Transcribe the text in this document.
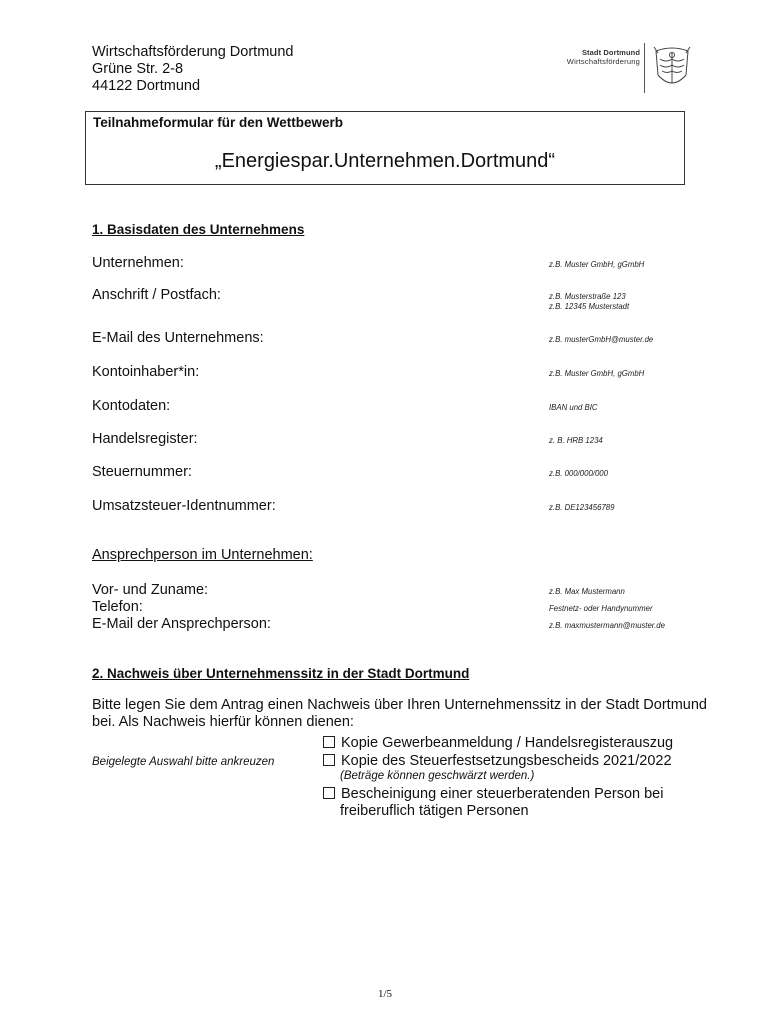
Wirtschaftsförderung Dortmund
Grüne Str. 2-8
44122 Dortmund
Stadt Dortmund
Wirtschaftsförderung
Teilnahmeformular für den Wettbewerb
„Energiespar.Unternehmen.Dortmund“
1. Basisdaten des Unternehmens
Unternehmen:	z.B. Muster GmbH, gGmbH
Anschrift / Postfach:	z.B. Musterstraße 123
z.B. 12345 Musterstadt
E-Mail des Unternehmens:	z.B. musterGmbH@muster.de
Kontoinhaber*in:	z.B. Muster GmbH, gGmbH
Kontodaten:	IBAN und BIC
Handelsregister:	z. B. HRB 1234
Steuernummer:	z.B. 000/000/000
Umsatzsteuer-Identnummer:	z.B. DE123456789
Ansprechperson im Unternehmen:
Vor- und Zuname:	z.B. Max Mustermann
Telefon:	Festnetz- oder Handynummer
E-Mail der Ansprechperson:	z.B. maxmustermann@muster.de
2. Nachweis über Unternehmenssitz in der Stadt Dortmund
Bitte legen Sie dem Antrag einen Nachweis über Ihren Unternehmenssitz in der Stadt Dortmund bei. Als Nachweis hierfür können dienen:
Beigelegte Auswahl bitte ankreuzen
Kopie Gewerbeanmeldung / Handelsregisterauszug
Kopie des Steuerfestsetzungsbescheids 2021/2022
(Beträge können geschwärzt werden.)
Bescheinigung einer steuerberatenden Person bei
freiberuflich tätigen Personen
1/5
